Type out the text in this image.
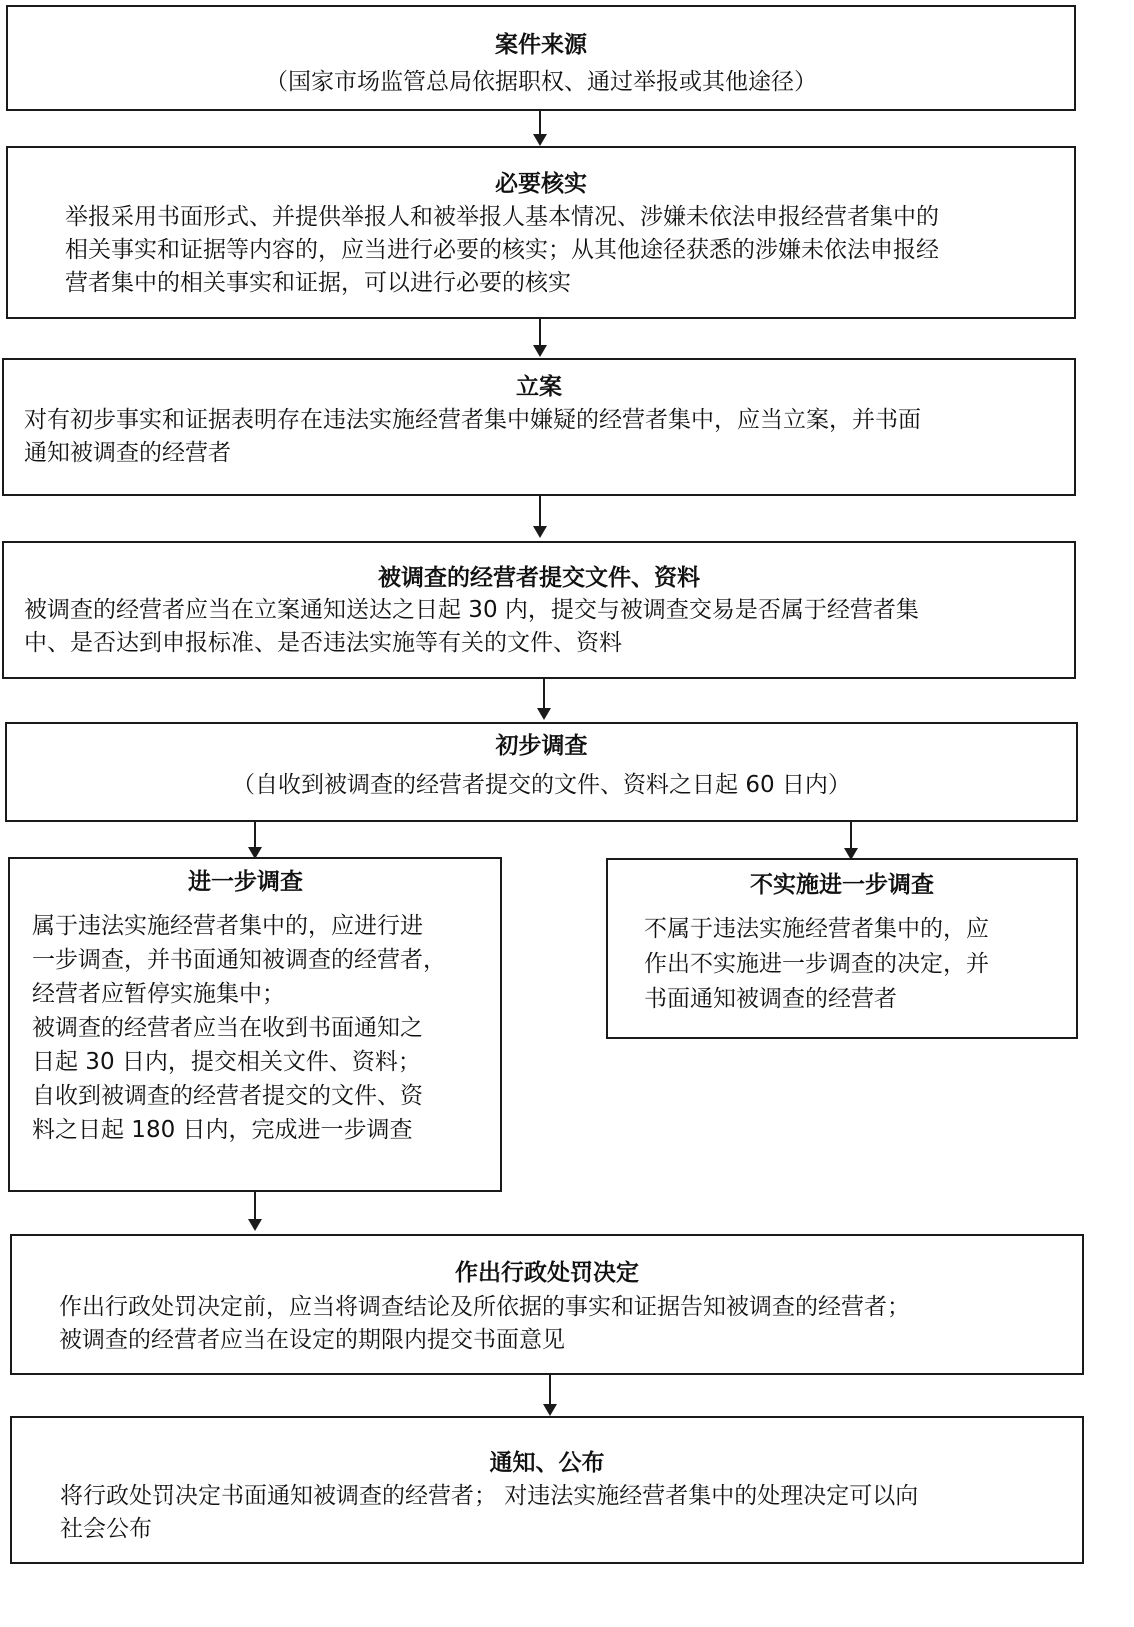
案件来源
（国家市场监管总局依据职权、通过举报或其他途径）
必要核实
举报采用书面形式、并提供举报人和被举报人基本情况、涉嫌未依法申报经营者集中的
相关事实和证据等内容的，应当进行必要的核实；从其他途径获悉的涉嫌未依法申报经
营者集中的相关事实和证据，可以进行必要的核实
立案
对有初步事实和证据表明存在违法实施经营者集中嫌疑的经营者集中，应当立案，并书面
通知被调查的经营者
被调查的经营者提交文件、资料
被调查的经营者应当在立案通知送达之日起 30 内，提交与被调查交易是否属于经营者集
中、是否达到申报标准、是否违法实施等有关的文件、资料
初步调查
（自收到被调查的经营者提交的文件、资料之日起 60 日内）
进一步调查
属于违法实施经营者集中的，应进行进
一步调查，并书面通知被调查的经营者，
经营者应暂停实施集中；
被调查的经营者应当在收到书面通知之
日起 30 日内，提交相关文件、资料；
自收到被调查的经营者提交的文件、资
料之日起 180 日内，完成进一步调查
不实施进一步调查
不属于违法实施经营者集中的，应
作出不实施进一步调查的决定，并
书面通知被调查的经营者
作出行政处罚决定
作出行政处罚决定前，应当将调查结论及所依据的事实和证据告知被调查的经营者；
被调查的经营者应当在设定的期限内提交书面意见
通知、公布
将行政处罚决定书面通知被调查的经营者； 对违法实施经营者集中的处理决定可以向
社会公布
